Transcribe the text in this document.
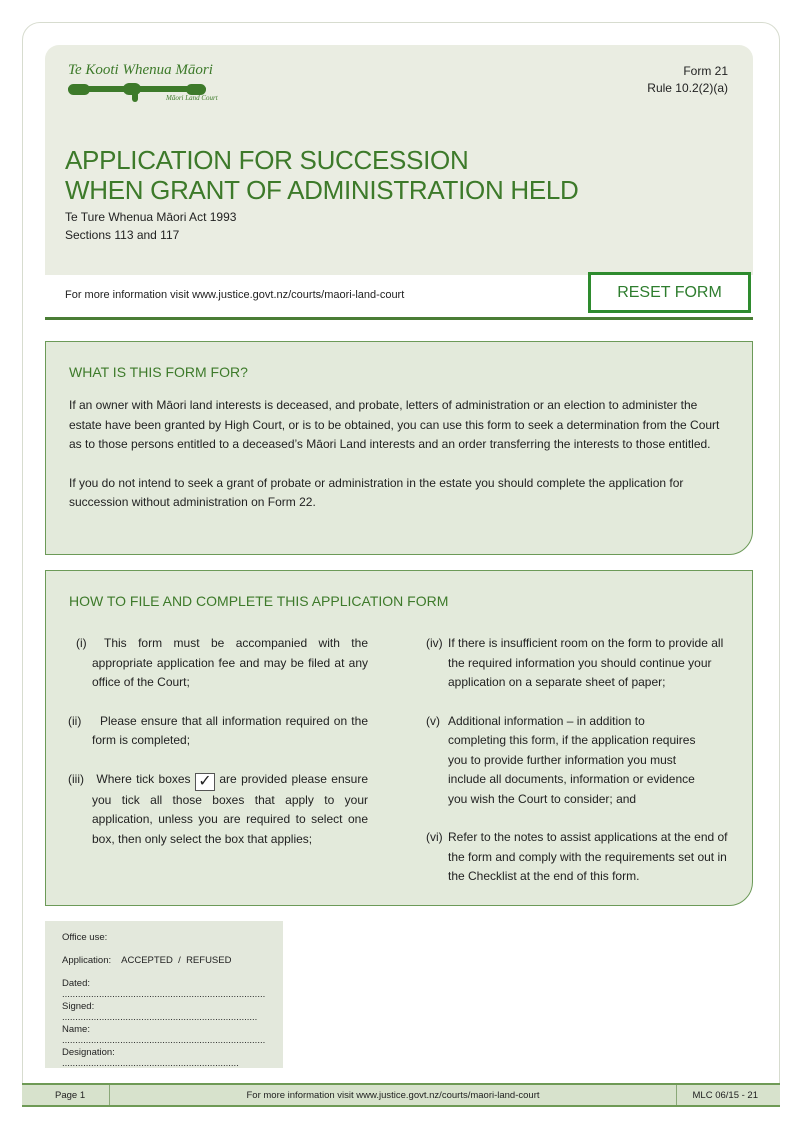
Te Kooti Whenua Māori
Māori Land Court
Form 21
Rule 10.2(2)(a)
APPLICATION FOR SUCCESSION
WHEN GRANT OF ADMINISTRATION HELD
Te Ture Whenua Māori Act 1993
Sections 113 and 117
For more information visit www.justice.govt.nz/courts/maori-land-court	RESET FORM
WHAT IS THIS FORM FOR?

If an owner with Māori land interests is deceased, and probate, letters of administration or an election to administer the estate have been granted by High Court, or is to be obtained, you can use this form to seek a determination from the Court as to those persons entitled to a deceased’s Māori Land interests and an order transferring the interests to those entitled.

If you do not intend to seek a grant of probate or administration in the estate you should complete the application for succession without administration on Form 22.

HOW TO FILE AND COMPLETE THIS APPLICATION FORM
(i)	This form must be accompanied with the appropriate application fee and may be filed at any office of the Court;
(ii)	Please ensure that all information required on the form is completed;
(iii)	Where tick boxes ✓ are provided please ensure you tick all those boxes that apply to your application, unless you are required to select one box, then only select the box that applies;
(iv) If there is insufficient room on the form to provide all the required information you should continue your application on a separate sheet of paper;
(v) Additional information – in addition to completing this form, if the application requires you to provide further information you must include all documents, information or evidence you wish the Court to consider; and
(vi) Refer to the notes to assist applications at the end of the form and comply with the requirements set out in the Checklist at the end of this form.
Office use:
Application:    ACCEPTED  /  REFUSED
Dated: .............................................................................
Signed: ..........................................................................
Name: .............................................................................
Designation: ...................................................................
Page 1	For more information visit www.justice.govt.nz/courts/maori-land-court	MLC 06/15 - 21
